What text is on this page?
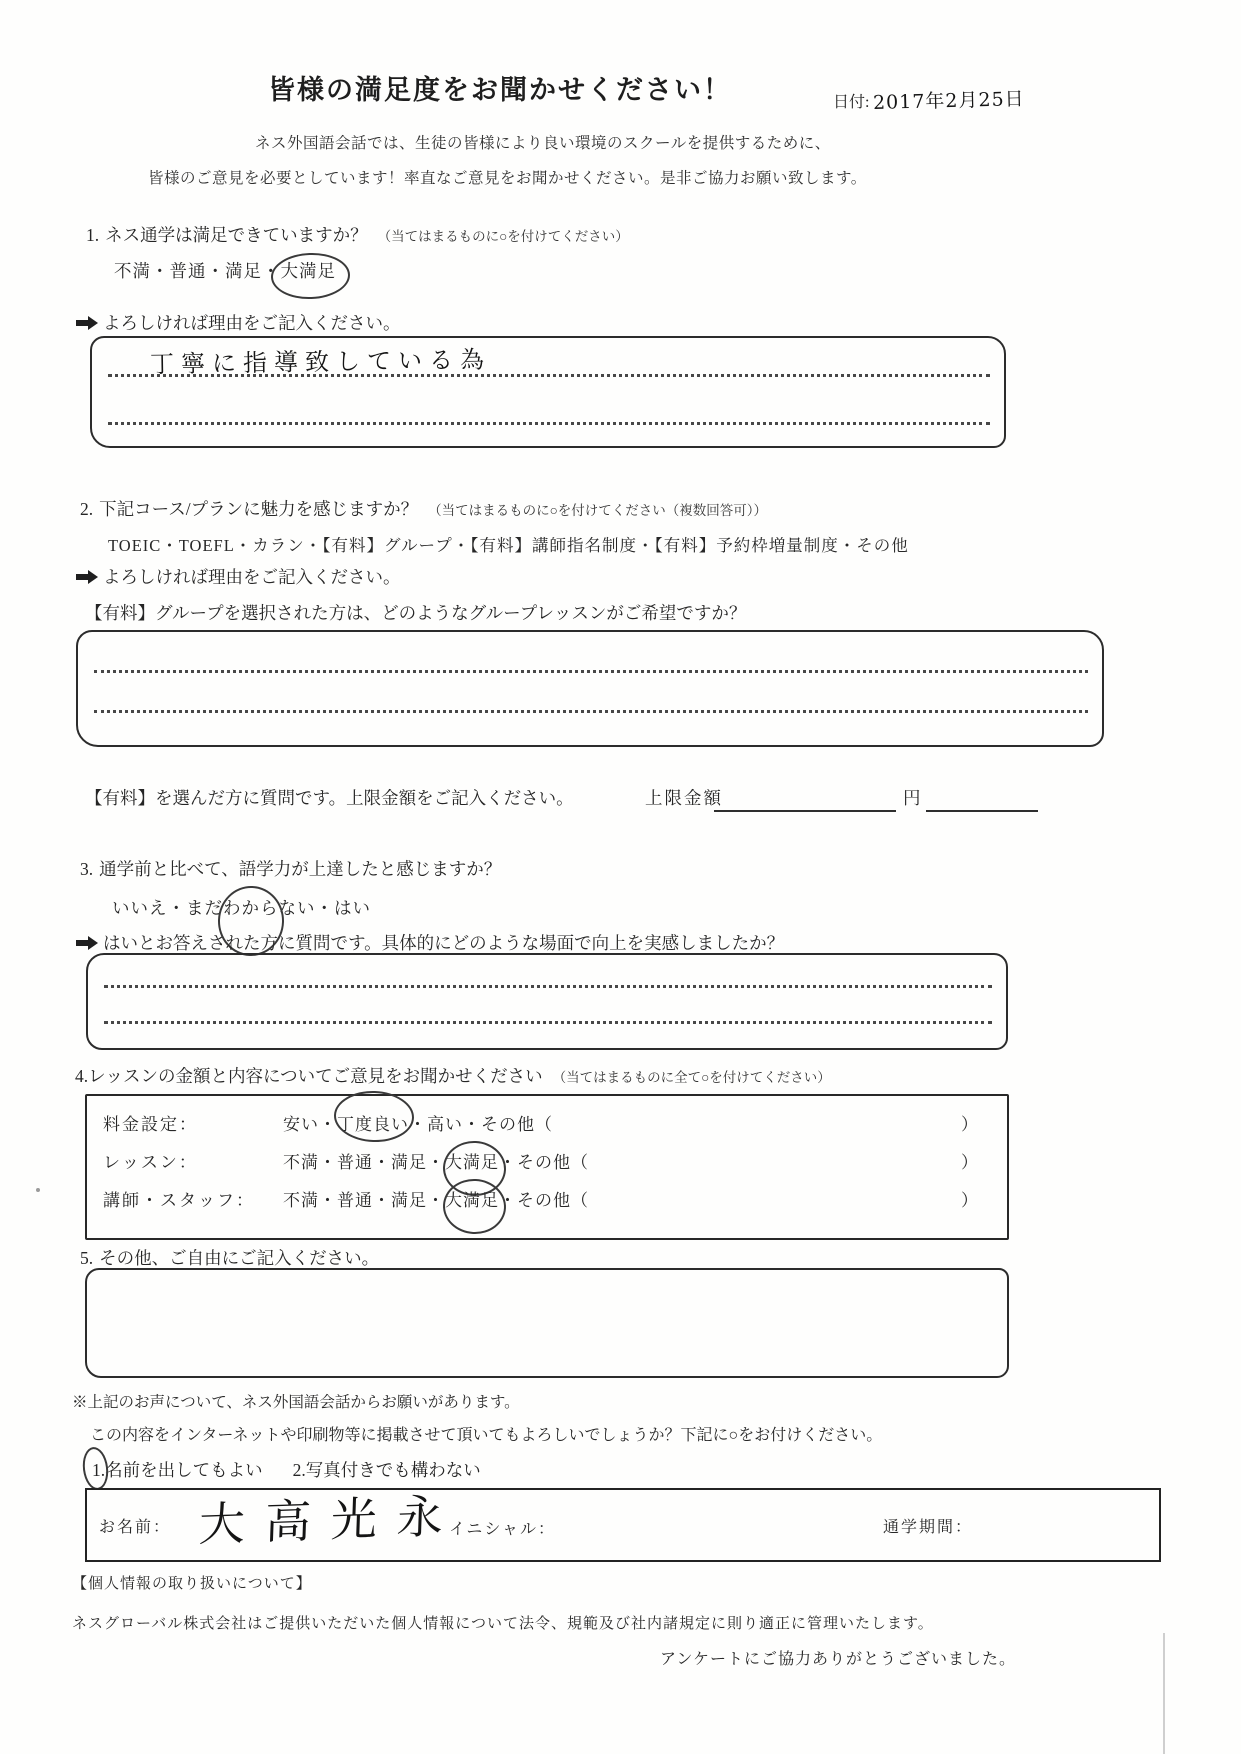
皆様の満足度をお聞かせください！	日付: 2017年2月25日
ネス外国語会話では、生徒の皆様により良い環境のスクールを提供するために、
皆様のご意見を必要としています！率直なご意見をお聞かせください。是非ご協力お願い致します。
1. ネス通学は満足できていますか？ （当てはまるものに○を付けてください）
不満・普通・満足・大満足
よろしければ理由をご記入ください。
丁寧に指導致している為
2. 下記コース/プランに魅力を感じますか？ （当てはまるものに○を付けてください（複数回答可））
TOEIC・TOEFL・カラン・【有料】グループ・【有料】講師指名制度・【有料】予約枠増量制度・その他
よろしければ理由をご記入ください。
【有料】グループを選択された方は、どのようなグループレッスンがご希望ですか？
【有料】を選んだ方に質問です。上限金額をご記入ください。	上限金額	円
3. 通学前と比べて、語学力が上達したと感じますか？
いいえ・まだわからない・はい
はいとお答えされた方に質問です。具体的にどのような場面で向上を実感しましたか？
4.レッスンの金額と内容についてご意見をお聞かせください （当てはまるものに全て○を付けてください）
料金設定：	安い・丁度良い・高い・その他（	）
レッスン：	不満・普通・満足・大満足・その他（	）
講師・スタッフ： 不満・普通・満足・大満足・その他（	）
5. その他、ご自由にご記入ください。
※上記のお声について、ネス外国語会話からお願いがあります。
この内容をインターネットや印刷物等に掲載させて頂いてもよろしいでしょうか？下記に○をお付けください。
1.名前を出してもよい 2.写真付きでも構わない
お名前： 大高光永
イニシャル：	通学期間：
【個人情報の取り扱いについて】
ネスグローバル株式会社はご提供いただいた個人情報について法令、規範及び社内諸規定に則り適正に管理いたします。
アンケートにご協力ありがとうございました。
